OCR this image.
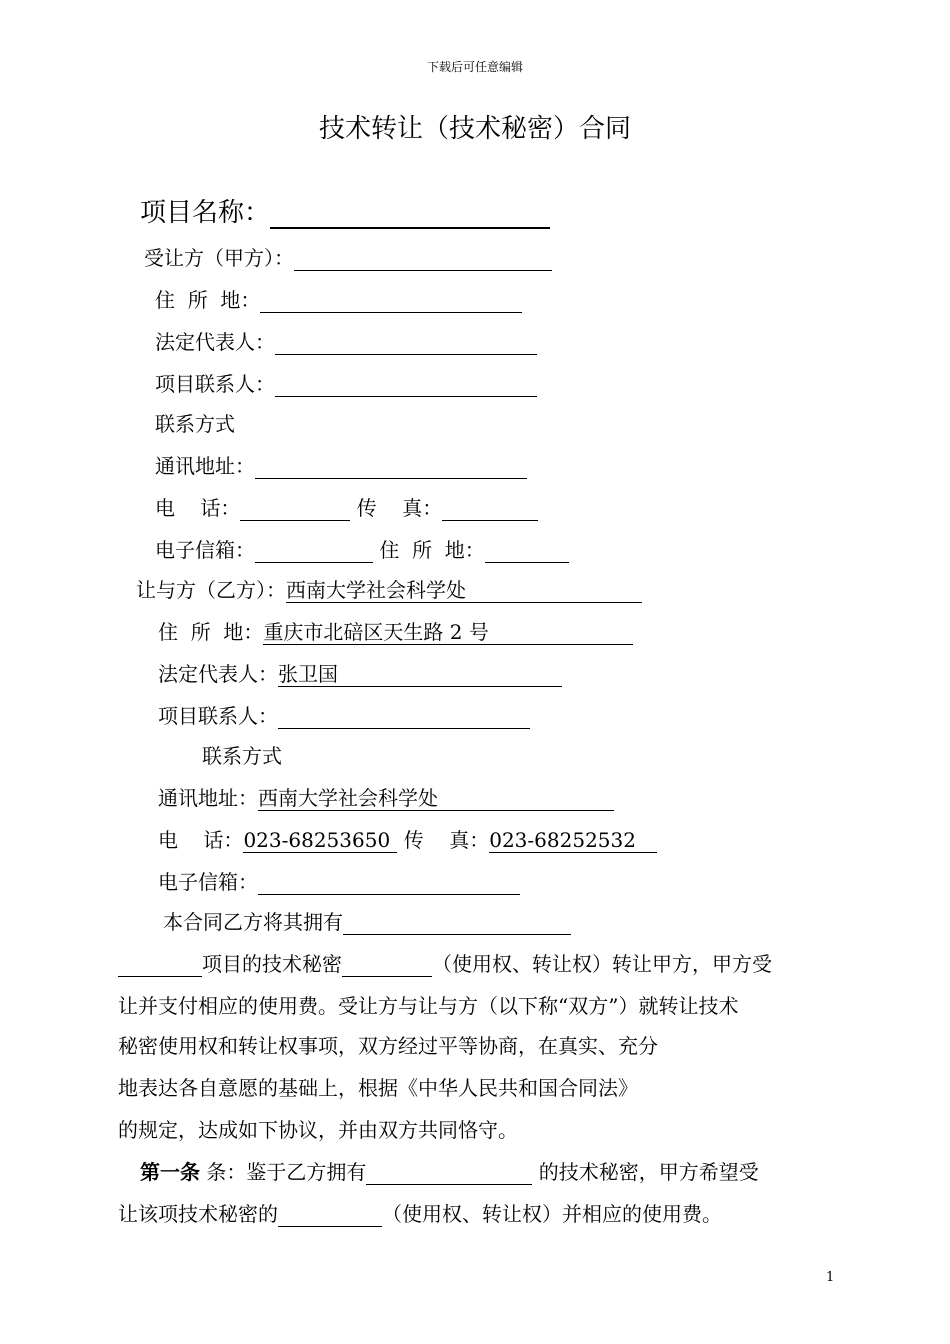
下载后可任意编辑
技术转让（技术秘密）合同
项目名称：
受让方（甲方）：
住  所  地：
法定代表人：
项目联系人：
联系方式
通讯地址：
电    话：	传    真：
电子信箱：	住  所  地：
让与方（乙方）：西南大学社会科学处
住  所  地：重庆市北碚区天生路 2 号
法定代表人：张卫国
项目联系人：
联系方式
通讯地址：西南大学社会科学处
电    话：023-68253650 传    真：023-68252532
电子信箱：
本合同乙方将其拥有
项目的技术秘密	（使用权、转让权）转让甲方，甲方受
让并支付相应的使用费。受让方与让与方（以下称“双方”）就转让技术
秘密使用权和转让权事项，双方经过平等协商，在真实、充分
地表达各自意愿的基础上，根据《中华人民共和国合同法》
的规定，达成如下协议，并由双方共同恪守。
第一条 条：鉴于乙方拥有	的技术秘密，甲方希望受
让该项技术秘密的	（使用权、转让权）并相应的使用费。
1
